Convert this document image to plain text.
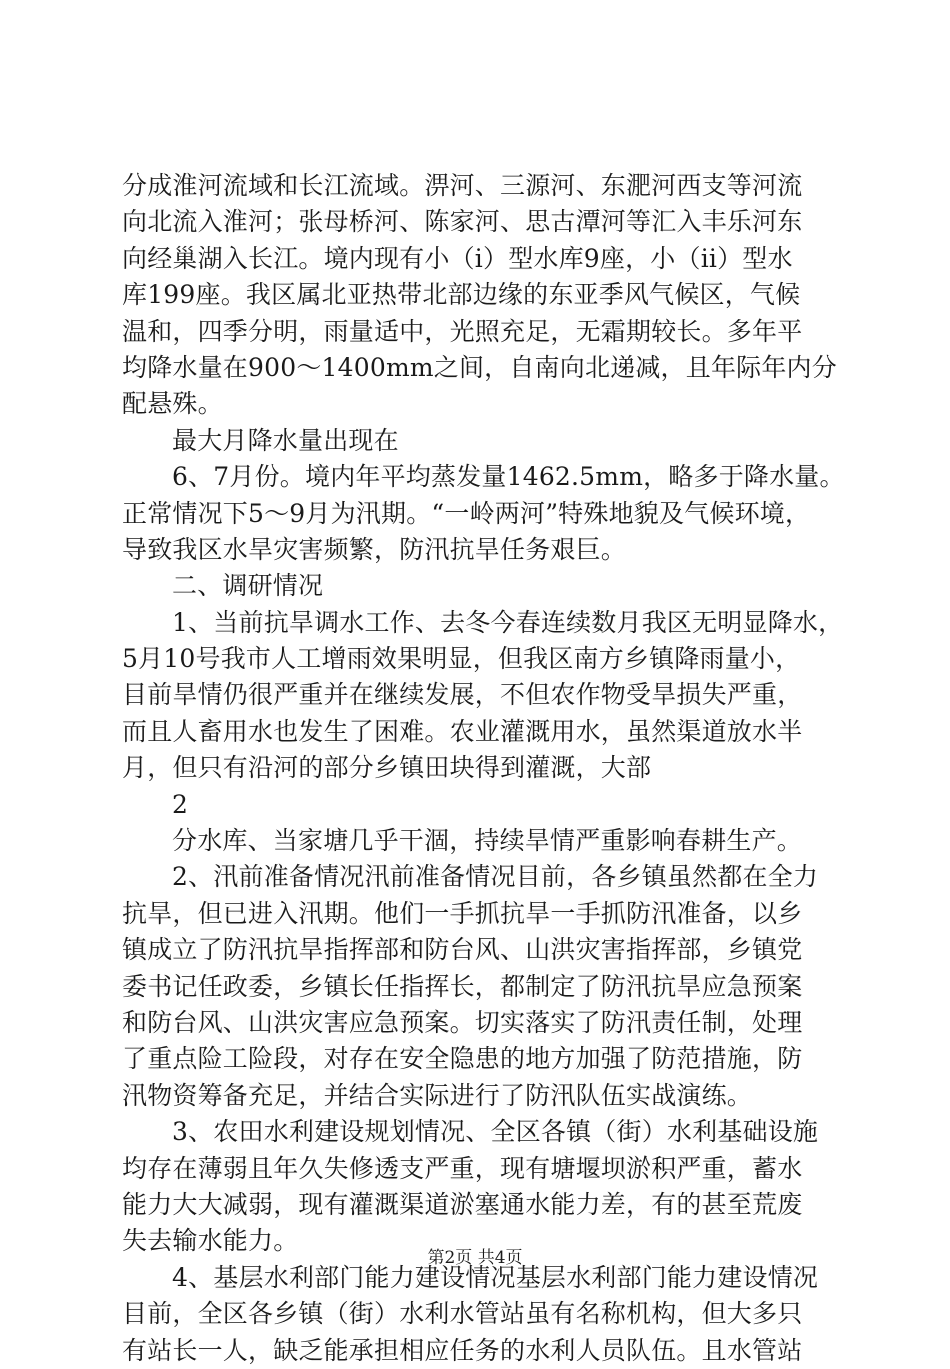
分成淮河流域和长江流域。淠河、三源河、东淝河西支等河流
向北流入淮河；张母桥河、陈家河、思古潭河等汇入丰乐河东
向经巢湖入长江。境内现有小（i）型水库9座，小（ii）型水
库199座。我区属北亚热带北部边缘的东亚季风气候区，气候
温和，四季分明，雨量适中，光照充足，无霜期较长。多年平
均降水量在900～1400mm之间，自南向北递减，且年际年内分
配悬殊。
最大月降水量出现在
6、7月份。境内年平均蒸发量1462.5mm，略多于降水量。
正常情况下5～9月为汛期。“一岭两河”特殊地貌及气候环境，
导致我区水旱灾害频繁，防汛抗旱任务艰巨。
二、调研情况
1、当前抗旱调水工作、去冬今春连续数月我区无明显降水，
5月10号我市人工增雨效果明显，但我区南方乡镇降雨量小，
目前旱情仍很严重并在继续发展，不但农作物受旱损失严重，
而且人畜用水也发生了困难。农业灌溉用水，虽然渠道放水半
月，但只有沿河的部分乡镇田块得到灌溉，大部
2
分水库、当家塘几乎干涸，持续旱情严重影响春耕生产。
2、汛前准备情况汛前准备情况目前，各乡镇虽然都在全力
抗旱，但已进入汛期。他们一手抓抗旱一手抓防汛准备，以乡
镇成立了防汛抗旱指挥部和防台风、山洪灾害指挥部，乡镇党
委书记任政委，乡镇长任指挥长，都制定了防汛抗旱应急预案
和防台风、山洪灾害应急预案。切实落实了防汛责任制，处理
了重点险工险段，对存在安全隐患的地方加强了防范措施，防
汛物资筹备充足，并结合实际进行了防汛队伍实战演练。
3、农田水利建设规划情况、全区各镇（街）水利基础设施
均存在薄弱且年久失修透支严重，现有塘堰坝淤积严重，蓄水
能力大大减弱，现有灌溉渠道淤塞通水能力差，有的甚至荒废
失去输水能力。
4、基层水利部门能力建设情况基层水利部门能力建设情况
目前，全区各乡镇（街）水利水管站虽有名称机构，但大多只
有站长一人，缺乏能承担相应任务的水利人员队伍。且水管站
第2页 共4页
